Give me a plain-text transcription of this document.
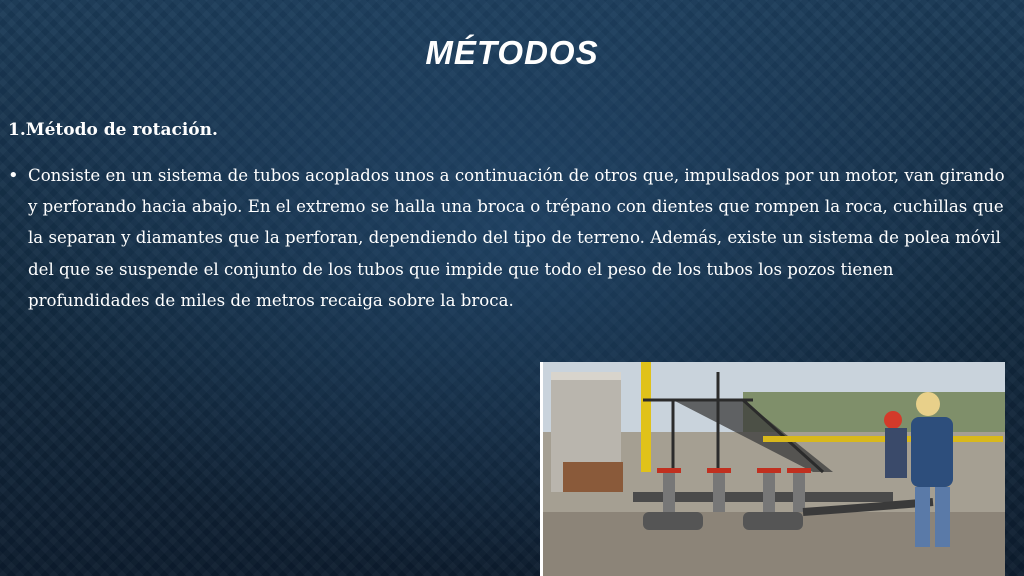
MÉTODOS

1.Método de rotación.

• Consiste en un sistema de tubos acoplados unos a continuación de otros que, impulsados por un motor, van girando y perforando hacia abajo. En el extremo se halla una broca o trépano con dientes que rompen la roca, cuchillas que la separan y diamantes que la perforan, dependiendo del tipo de terreno. Además, existe un sistema de polea móvil del que se suspende el conjunto de los tubos que impide que todo el peso de los tubos los pozos tienen profundidades de miles de metros recaiga sobre la broca.
